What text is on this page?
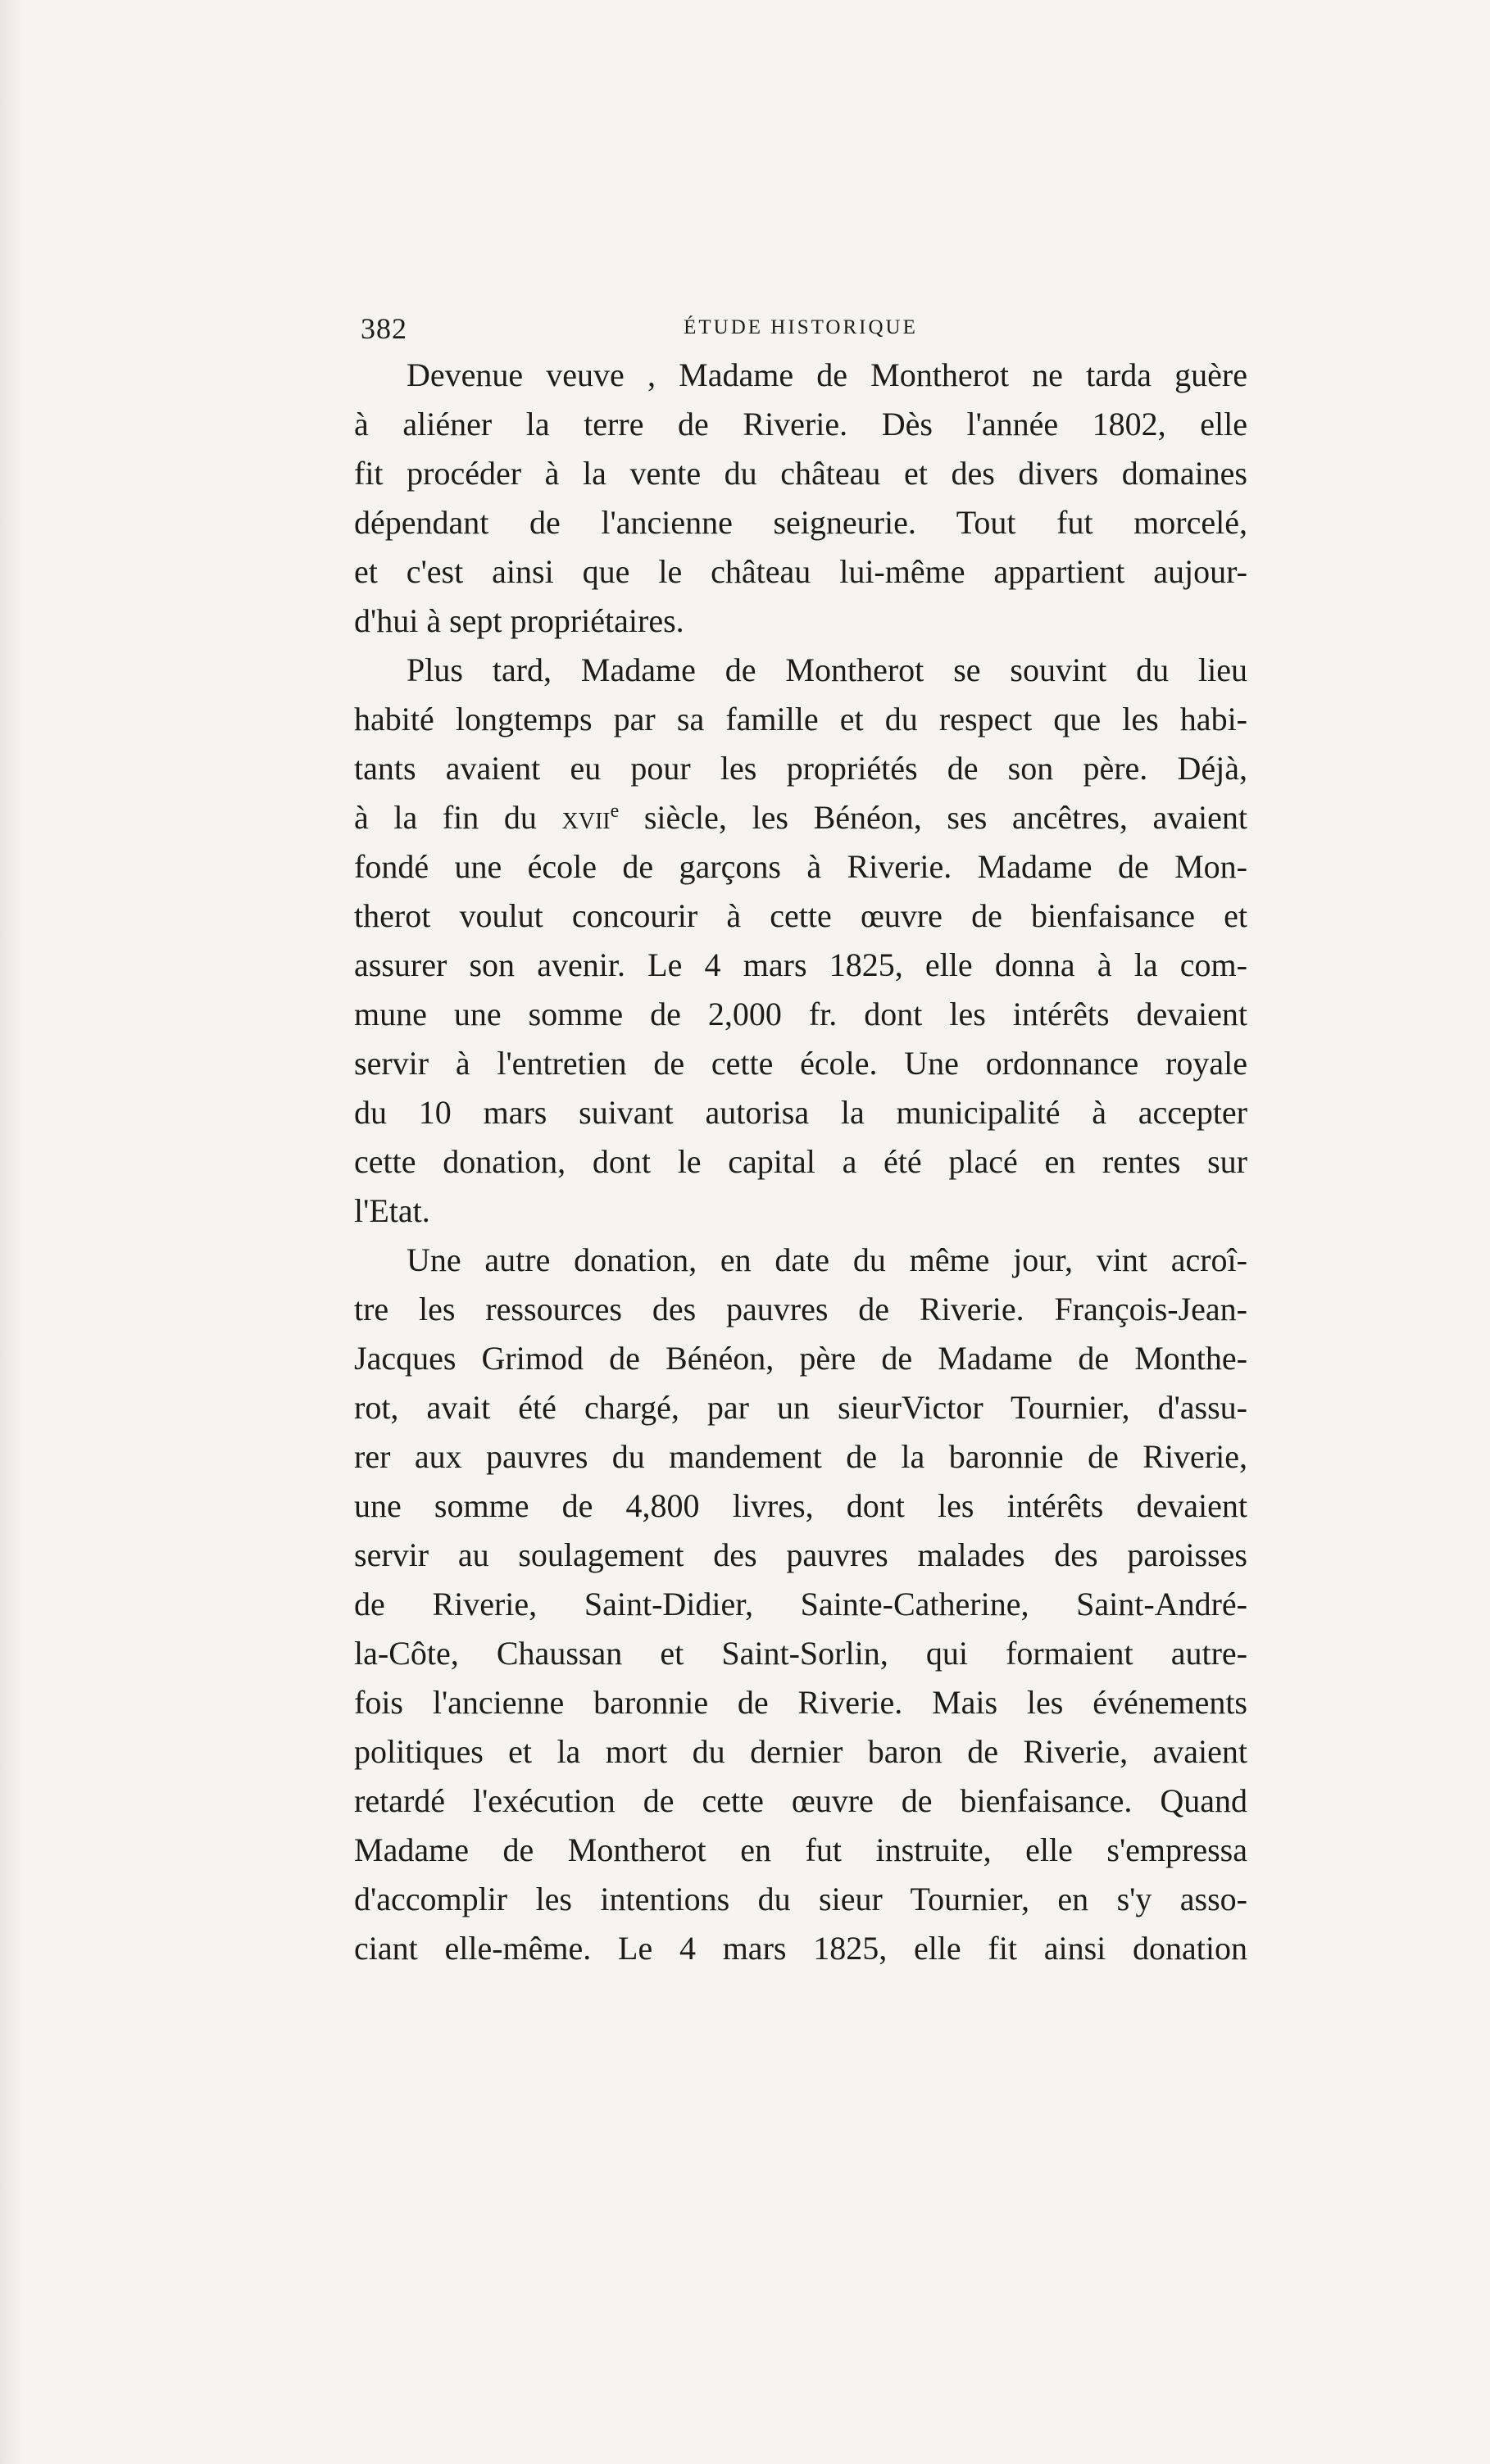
382	ÉTUDE HISTORIQUE

Devenue veuve , Madame de Montherot ne tarda guère
à aliéner la terre de Riverie. Dès l'année 1802, elle
fit procéder à la vente du château et des divers domaines
dépendant de l'ancienne seigneurie. Tout fut morcelé,
et c'est ainsi que le château lui-même appartient aujour-
d'hui à sept propriétaires.

Plus tard, Madame de Montherot se souvint du lieu
habité longtemps par sa famille et du respect que les habi-
tants avaient eu pour les propriétés de son père. Déjà,
à la fin du xvii$^e$ siècle, les Bénéon, ses ancêtres, avaient
fondé une école de garçons à Riverie. Madame de Mon-
therot voulut concourir à cette œuvre de bienfaisance et
assurer son avenir. Le 4 mars 1825, elle donna à la com-
mune une somme de 2,000 fr. dont les intérêts devaient
servir à l'entretien de cette école. Une ordonnance royale
du 10 mars suivant autorisa la municipalité à accepter
cette donation, dont le capital a été placé en rentes sur
l'Etat.

Une autre donation, en date du même jour, vint acroî-
tre les ressources des pauvres de Riverie. François-Jean-
Jacques Grimod de Bénéon, père de Madame de Monthe-
rot, avait été chargé, par un sieurVictor Tournier, d'assu-
rer aux pauvres du mandement de la baronnie de Riverie,
une somme de 4,800 livres, dont les intérêts devaient
servir au soulagement des pauvres malades des paroisses
de Riverie, Saint-Didier, Sainte-Catherine, Saint-André-
la-Côte, Chaussan et Saint-Sorlin, qui formaient autre-
fois l'ancienne baronnie de Riverie. Mais les événements
politiques et la mort du dernier baron de Riverie, avaient
retardé l'exécution de cette œuvre de bienfaisance. Quand
Madame de Montherot en fut instruite, elle s'empressa
d'accomplir les intentions du sieur Tournier, en s'y asso-
ciant elle-même. Le 4 mars 1825, elle fit ainsi donation
